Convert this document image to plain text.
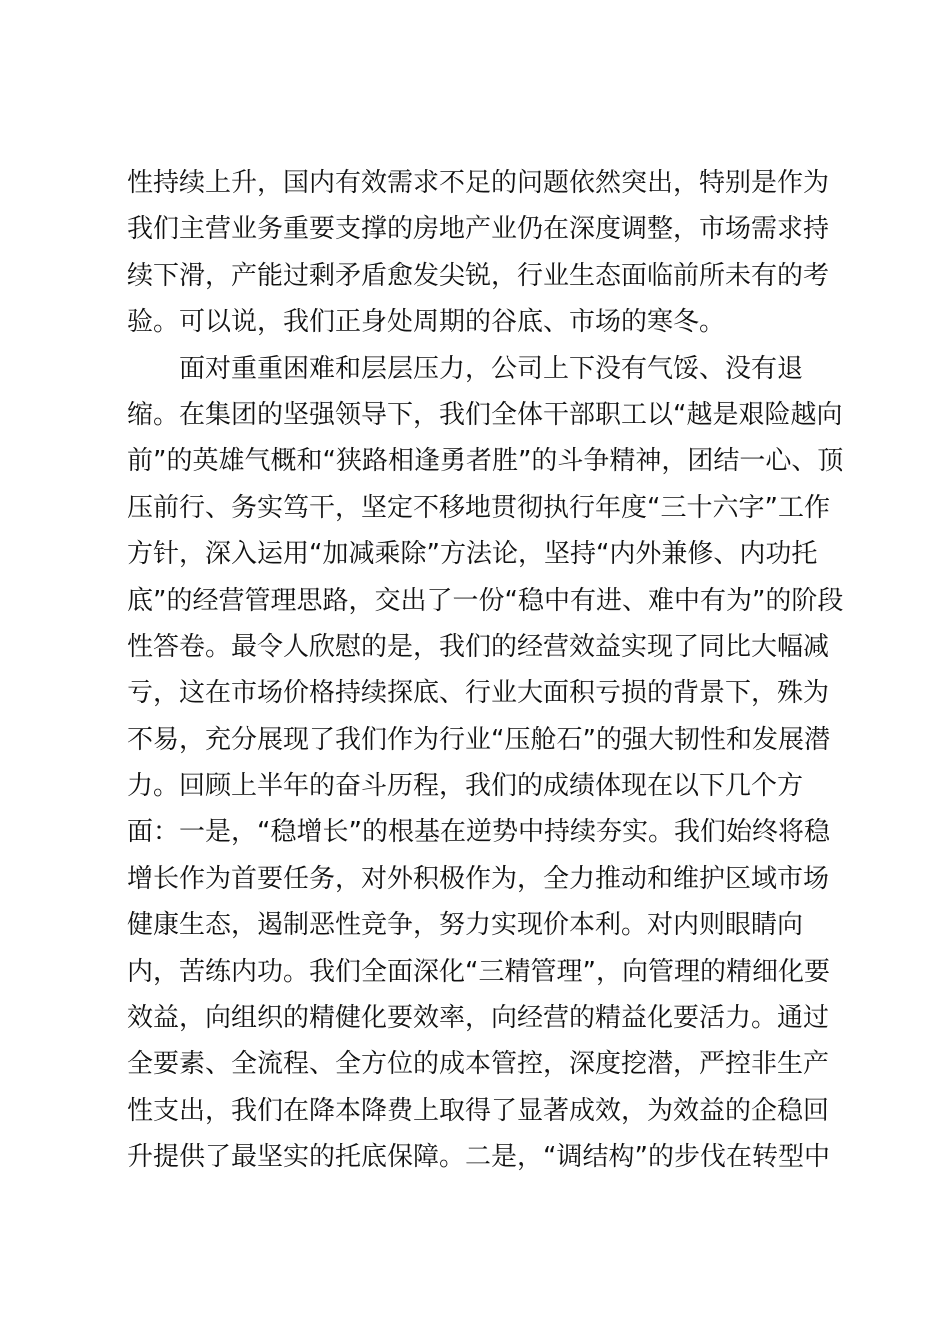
性持续上升，国内有效需求不足的问题依然突出，特别是作为
我们主营业务重要支撑的房地产业仍在深度调整，市场需求持
续下滑，产能过剩矛盾愈发尖锐，行业生态面临前所未有的考
验。可以说，我们正身处周期的谷底、市场的寒冬。
面对重重困难和层层压力，公司上下没有气馁、没有退
缩。在集团的坚强领导下，我们全体干部职工以“越是艰险越向
前”的英雄气概和“狭路相逢勇者胜”的斗争精神，团结一心、顶
压前行、务实笃干，坚定不移地贯彻执行年度“三十六字”工作
方针，深入运用“加减乘除”方法论，坚持“内外兼修、内功托
底”的经营管理思路，交出了一份“稳中有进、难中有为”的阶段
性答卷。最令人欣慰的是，我们的经营效益实现了同比大幅减
亏，这在市场价格持续探底、行业大面积亏损的背景下，殊为
不易，充分展现了我们作为行业“压舱石”的强大韧性和发展潜
力。回顾上半年的奋斗历程，我们的成绩体现在以下几个方
面：一是，“稳增长”的根基在逆势中持续夯实。我们始终将稳
增长作为首要任务，对外积极作为，全力推动和维护区域市场
健康生态，遏制恶性竞争，努力实现价本利。对内则眼睛向
内，苦练内功。我们全面深化“三精管理”，向管理的精细化要
效益，向组织的精健化要效率，向经营的精益化要活力。通过
全要素、全流程、全方位的成本管控，深度挖潜，严控非生产
性支出，我们在降本降费上取得了显著成效，为效益的企稳回
升提供了最坚实的托底保障。二是，“调结构”的步伐在转型中
